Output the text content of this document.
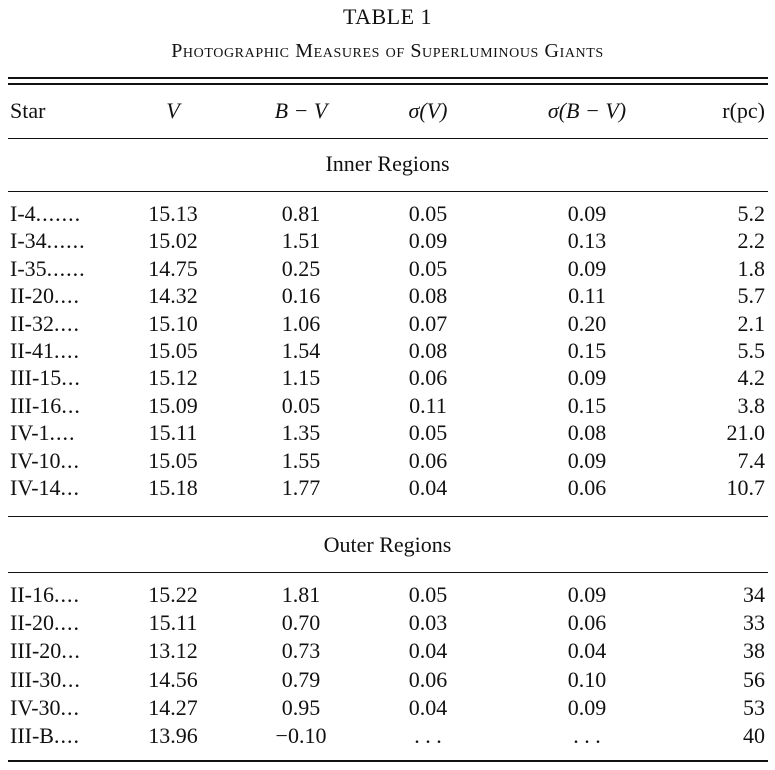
TABLE 1
Photographic Measures of Superluminous Giants
Star	V	B − V	σ(V)	σ(B − V)	r(pc)
Inner Regions
I-4.......	15.13	0.81	0.05	0.09	5.2
I-34......	15.02	1.51	0.09	0.13	2.2
I-35......	14.75	0.25	0.05	0.09	1.8
II-20....	14.32	0.16	0.08	0.11	5.7
II-32....	15.10	1.06	0.07	0.20	2.1
II-41....	15.05	1.54	0.08	0.15	5.5
III-15...	15.12	1.15	0.06	0.09	4.2
III-16...	15.09	0.05	0.11	0.15	3.8
IV-1....	15.11	1.35	0.05	0.08	21.0
IV-10...	15.05	1.55	0.06	0.09	7.4
IV-14...	15.18	1.77	0.04	0.06	10.7
Outer Regions
II-16....	15.22	1.81	0.05	0.09	34
II-20....	15.11	0.70	0.03	0.06	33
III-20...	13.12	0.73	0.04	0.04	38
III-30...	14.56	0.79	0.06	0.10	56
IV-30...	14.27	0.95	0.04	0.09	53
III-B....	13.96	−0.10	. . .	. . .	40
